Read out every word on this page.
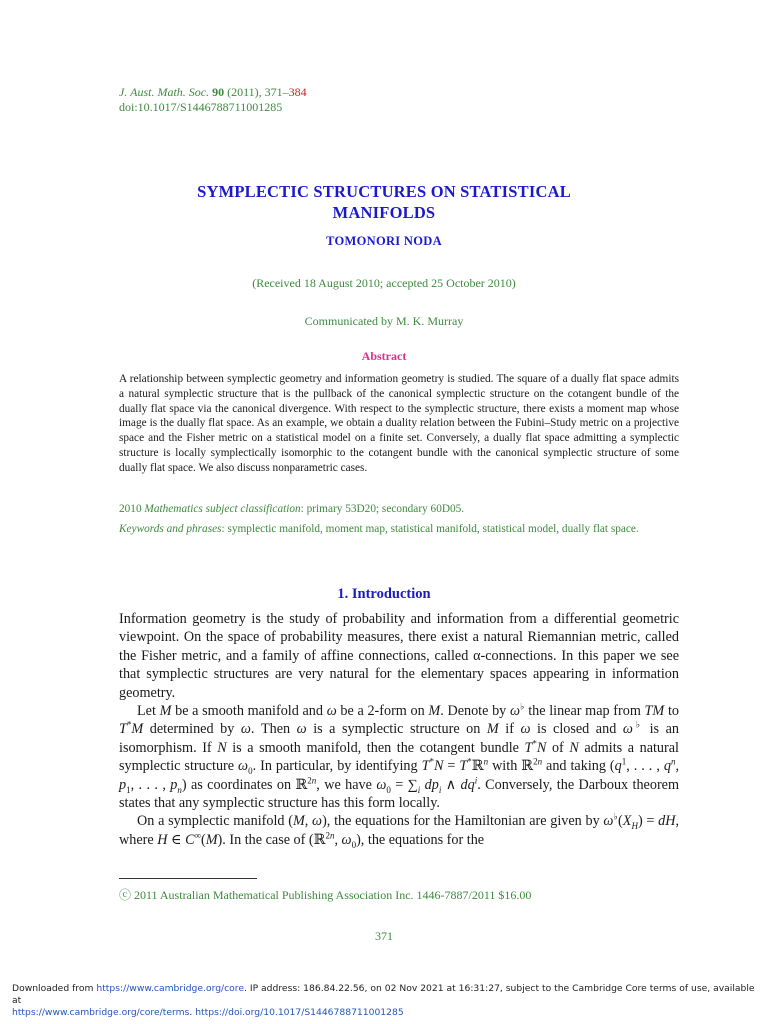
J. Aust. Math. Soc. 90 (2011), 371–384
doi:10.1017/S1446788711001285
SYMPLECTIC STRUCTURES ON STATISTICAL
MANIFOLDS
TOMONORI NODA
(Received 18 August 2010; accepted 25 October 2010)
Communicated by M. K. Murray
Abstract
A relationship between symplectic geometry and information geometry is studied. The square of a dually flat space admits a natural symplectic structure that is the pullback of the canonical symplectic structure on the cotangent bundle of the dually flat space via the canonical divergence. With respect to the symplectic structure, there exists a moment map whose image is the dually flat space. As an example, we obtain a duality relation between the Fubini–Study metric on a projective space and the Fisher metric on a statistical model on a finite set. Conversely, a dually flat space admitting a symplectic structure is locally symplectically isomorphic to the cotangent bundle with the canonical symplectic structure of some dually flat space. We also discuss nonparametric cases.
2010 Mathematics subject classification: primary 53D20; secondary 60D05.
Keywords and phrases: symplectic manifold, moment map, statistical manifold, statistical model, dually flat space.
1. Introduction

Information geometry is the study of probability and information from a differential geometric viewpoint. On the space of probability measures, there exist a natural Riemannian metric, called the Fisher metric, and a family of affine connections, called α-connections. In this paper we see that symplectic structures are very natural for the elementary spaces appearing in information geometry.

Let M be a smooth manifold and ω be a 2-form on M. Denote by ω♭ the linear map from TM to T*M determined by ω. Then ω is a symplectic structure on M if ω is closed and ω♭ is an isomorphism. If N is a smooth manifold, then the cotangent bundle T*N of N admits a natural symplectic structure $\omega_0$. In particular, by identifying T*N = T*ℝ$^n$ with ℝ$^{2n}$ and taking ($q^1$, . . . , $q^n$, $p_1$, . . . , $p_n$) as coordinates on ℝ$^{2n}$, we have $\omega_0 = \sum_i$ $dp_i$ ∧ $dq^i$. Conversely, the Darboux theorem states that any symplectic structure has this form locally.

On a symplectic manifold (M, ω), the equations for the Hamiltonian are given by $\omega^♭(X_H)$ = dH, where H ∈ C∞(M). In the case of (ℝ$^{2n}$, $\omega_0$), the equations for the

ⓒ 2011 Australian Mathematical Publishing Association Inc. 1446-7887/2011 $16.00
371
Downloaded from https://www.cambridge.org/core. IP address: 186.84.22.56, on 02 Nov 2021 at 16:31:27, subject to the Cambridge Core terms of use, available at
https://www.cambridge.org/core/terms. https://doi.org/10.1017/S1446788711001285
